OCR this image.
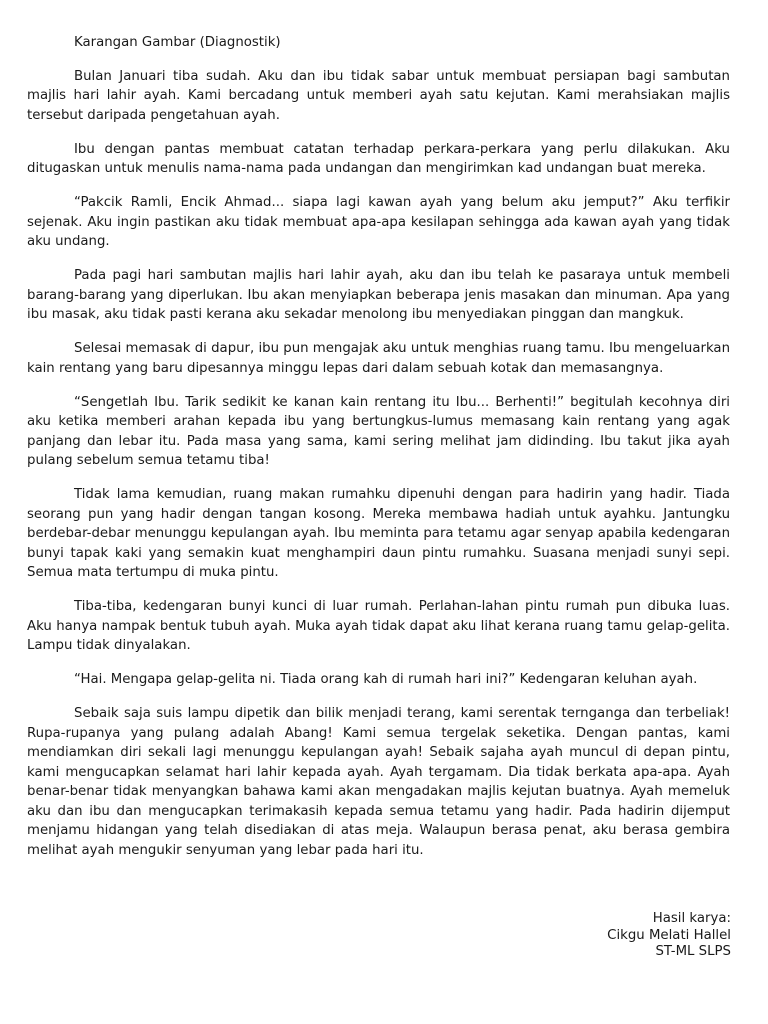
Karangan Gambar (Diagnostik)

Bulan Januari tiba sudah. Aku dan ibu tidak sabar untuk membuat persiapan bagi sambutan majlis hari lahir ayah. Kami bercadang untuk memberi ayah satu kejutan. Kami merahsiakan majlis tersebut daripada pengetahuan ayah.

Ibu dengan pantas membuat catatan terhadap perkara-perkara yang perlu dilakukan. Aku ditugaskan untuk menulis nama-nama pada undangan dan mengirimkan kad undangan buat mereka.

“Pakcik Ramli, Encik Ahmad... siapa lagi kawan ayah yang belum aku jemput?” Aku terfikir sejenak. Aku ingin pastikan aku tidak membuat apa-apa kesilapan sehingga ada kawan ayah yang tidak aku undang.

Pada pagi hari sambutan majlis hari lahir ayah, aku dan ibu telah ke pasaraya untuk membeli barang-barang yang diperlukan. Ibu akan menyiapkan beberapa jenis masakan dan minuman. Apa yang ibu masak, aku tidak pasti kerana aku sekadar menolong ibu menyediakan pinggan dan mangkuk.

Selesai memasak di dapur, ibu pun mengajak aku untuk menghias ruang tamu. Ibu mengeluarkan kain rentang yang baru dipesannya minggu lepas dari dalam sebuah kotak dan memasangnya.

“Sengetlah Ibu. Tarik sedikit ke kanan kain rentang itu Ibu... Berhenti!” begitulah kecohnya diri aku ketika memberi arahan kepada ibu yang bertungkus-lumus memasang kain rentang yang agak panjang dan lebar itu. Pada masa yang sama, kami sering melihat jam didinding. Ibu takut jika ayah pulang sebelum semua tetamu tiba!

Tidak lama kemudian, ruang makan rumahku dipenuhi dengan para hadirin yang hadir. Tiada seorang pun yang hadir dengan tangan kosong. Mereka membawa hadiah untuk ayahku. Jantungku berdebar-debar menunggu kepulangan ayah. Ibu meminta para tetamu agar senyap apabila kedengaran bunyi tapak kaki yang semakin kuat menghampiri daun pintu rumahku. Suasana menjadi sunyi sepi. Semua mata tertumpu di muka pintu.

Tiba-tiba, kedengaran bunyi kunci di luar rumah. Perlahan-lahan pintu rumah pun dibuka luas. Aku hanya nampak bentuk tubuh ayah. Muka ayah tidak dapat aku lihat kerana ruang tamu gelap-gelita. Lampu tidak dinyalakan.

“Hai. Mengapa gelap-gelita ni. Tiada orang kah di rumah hari ini?” Kedengaran keluhan ayah.

Sebaik saja suis lampu dipetik dan bilik menjadi terang, kami serentak ternganga dan terbeliak! Rupa-rupanya yang pulang adalah Abang! Kami semua tergelak seketika. Dengan pantas, kami mendiamkan diri sekali lagi menunggu kepulangan ayah! Sebaik sajaha ayah muncul di depan pintu, kami mengucapkan selamat hari lahir kepada ayah. Ayah tergamam. Dia tidak berkata apa-apa. Ayah benar-benar tidak menyangkan bahawa kami akan mengadakan majlis kejutan buatnya. Ayah memeluk aku dan ibu dan mengucapkan terimakasih kepada semua tetamu yang hadir. Pada hadirin dijemput menjamu hidangan yang telah disediakan di atas meja. Walaupun berasa penat, aku berasa gembira melihat ayah mengukir senyuman yang lebar pada hari itu.

Hasil karya:
Cikgu Melati Hallel
ST-ML SLPS
